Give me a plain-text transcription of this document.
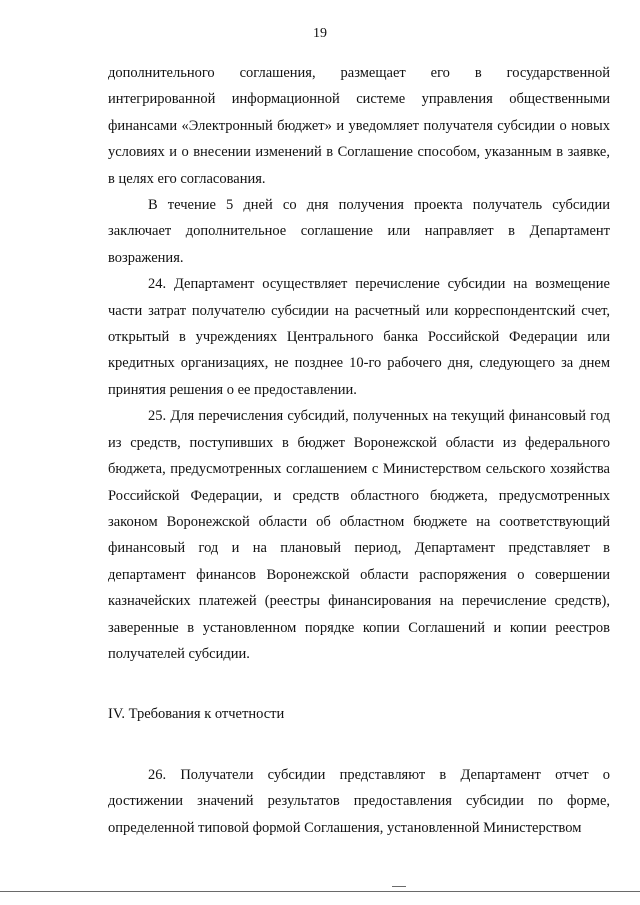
19

дополнительного соглашения, размещает его в государственной интегрированной информационной системе управления общественными финансами «Электронный бюджет» и уведомляет получателя субсидии о новых условиях и о внесении изменений в Соглашение способом, указанным в заявке, в целях его согласования.

В течение 5 дней со дня получения проекта получатель субсидии заключает дополнительное соглашение или направляет в Департамент возражения.

24. Департамент осуществляет перечисление субсидии на возмещение части затрат получателю субсидии на расчетный или корреспондентский счет, открытый в учреждениях Центрального банка Российской Федерации или кредитных организациях, не позднее 10-го рабочего дня, следующего за днем принятия решения о ее предоставлении.

25. Для перечисления субсидий, полученных на текущий финансовый год из средств, поступивших в бюджет Воронежской области из федерального бюджета, предусмотренных соглашением с Министерством сельского хозяйства Российской Федерации, и средств областного бюджета, предусмотренных законом Воронежской области об областном бюджете на соответствующий финансовый год и на плановый период, Департамент представляет в департамент финансов Воронежской области распоряжения о совершении казначейских платежей (реестры финансирования на перечисление средств), заверенные в установленном порядке копии Соглашений и копии реестров получателей субсидии.

IV. Требования к отчетности

26. Получатели субсидии представляют в Департамент отчет о достижении значений результатов предоставления субсидии по форме, определенной типовой формой Соглашения, установленной Министерством
